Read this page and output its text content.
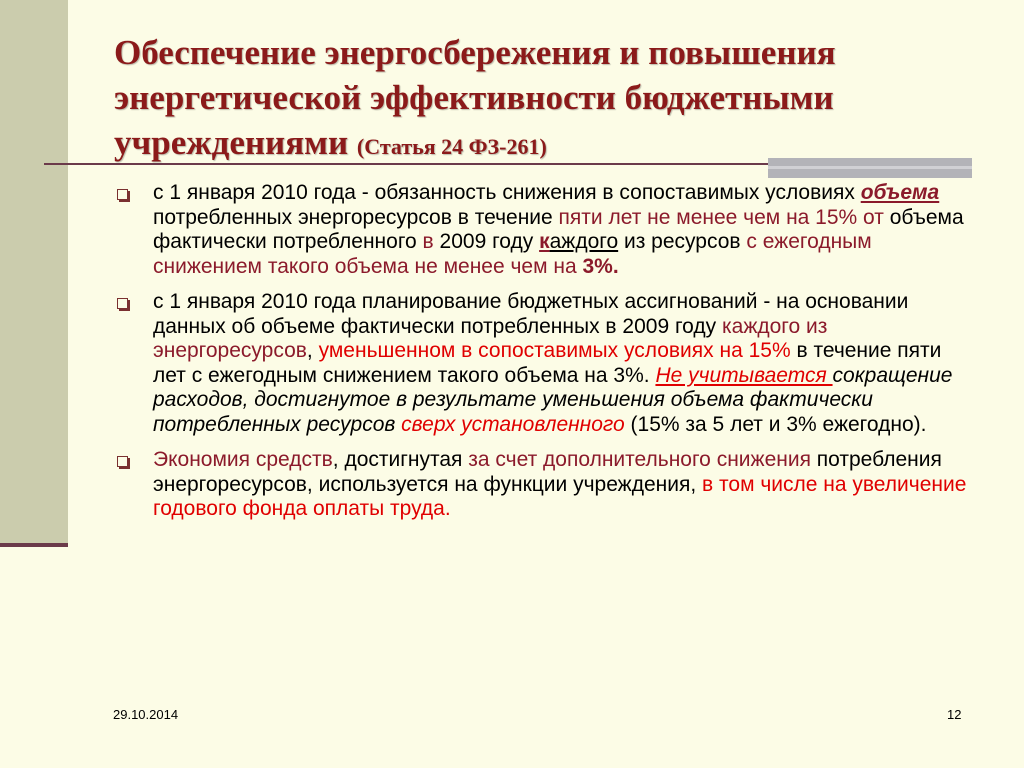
Обеспечение энергосбережения и повышения энергетической эффективности бюджетными учреждениями (Статья 24 ФЗ-261)
с 1 января 2010 года - обязанность снижения в сопоставимых условиях объема потребленных энергоресурсов в течение пяти лет не менее чем на 15% от объема фактически потребленного в 2009 году каждого из ресурсов с ежегодным снижением такого объема не менее чем на 3%.
с 1 января 2010 года планирование бюджетных ассигнований - на основании данных об объеме фактически потребленных в 2009 году каждого из энергоресурсов, уменьшенном в сопоставимых условиях на 15% в течение пяти лет с ежегодным снижением такого объема на 3%. Не учитывается сокращение расходов, достигнутое в результате уменьшения объема фактически потребленных ресурсов сверх установленного (15% за 5 лет и 3% ежегодно).
Экономия средств, достигнутая за счет дополнительного снижения потребления энергоресурсов, используется на функции учреждения, в том числе на увеличение годового фонда оплаты труда.
29.10.2014	12
